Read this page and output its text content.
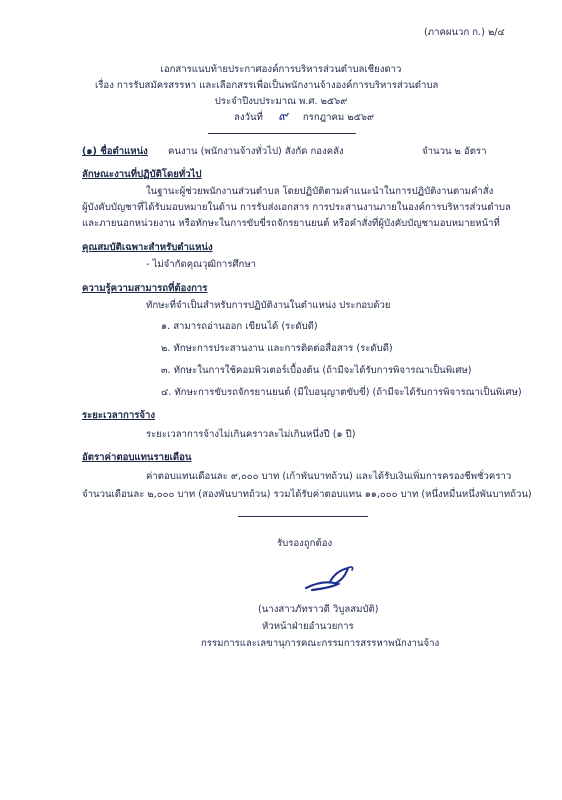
(ภาคผนวก ก.) ๒/๔
เอกสารแนบท้ายประกาศองค์การบริหารส่วนตำบลเชียงดาว
เรื่อง การรับสมัครสรรหา และเลือกสรรเพื่อเป็นพนักงานจ้างองค์การบริหารส่วนตำบล
ประจำปีงบประมาณ พ.ศ. ๒๕๖๙
ลงวันที่ ๙ กรกฎาคม ๒๕๖๙
(๑) ชื่อตำแหน่ง คนงาน (พนักงานจ้างทั่วไป) สังกัด กองคลัง	จำนวน ๒ อัตรา
ลักษณะงานที่ปฏิบัติโดยทั่วไป
ในฐานะผู้ช่วยพนักงานส่วนตำบล โดยปฏิบัติตามคำแนะนำในการปฏิบัติงานตามคำสั่ง
ผู้บังคับบัญชาที่ได้รับมอบหมายในด้าน การรับส่งเอกสาร การประสานงานภายในองค์การบริหารส่วนตำบล
และภายนอกหน่วยงาน หรือทักษะในการขับขี่รถจักรยานยนต์ หรือคำสั่งที่ผู้บังคับบัญชามอบหมายหน้าที่
คุณสมบัติเฉพาะสำหรับตำแหน่ง
- ไม่จำกัดคุณวุฒิการศึกษา
ความรู้ความสามารถที่ต้องการ
ทักษะที่จำเป็นสำหรับการปฏิบัติงานในตำแหน่ง ประกอบด้วย
๑. สามารถอ่านออก เขียนได้ (ระดับดี)
๒. ทักษะการประสานงาน และการติดต่อสื่อสาร (ระดับดี)
๓. ทักษะในการใช้คอมพิวเตอร์เบื้องต้น (ถ้ามีจะได้รับการพิจารณาเป็นพิเศษ)
๔. ทักษะการขับรถจักรยานยนต์ (มีใบอนุญาตขับขี่) (ถ้ามีจะได้รับการพิจารณาเป็นพิเศษ)
ระยะเวลาการจ้าง
ระยะเวลาการจ้างไม่เกินคราวละไม่เกินหนึ่งปี (๑ ปี)
อัตราค่าตอบแทนรายเดือน
ค่าตอบแทนเดือนละ ๙,๐๐๐ บาท (เก้าพันบาทถ้วน) และได้รับเงินเพิ่มการครองชีพชั่วคราว
จำนวนเดือนละ ๒,๐๐๐ บาท (สองพันบาทถ้วน) รวมได้รับค่าตอบแทน ๑๑,๐๐๐ บาท (หนึ่งหมื่นหนึ่งพันบาทถ้วน)
รับรองถูกต้อง
(นางสาวภัทราวดี วิบูลสมบัติ)
หัวหน้าฝ่ายอำนวยการ
กรรมการและเลขานุการคณะกรรมการสรรหาพนักงานจ้าง
